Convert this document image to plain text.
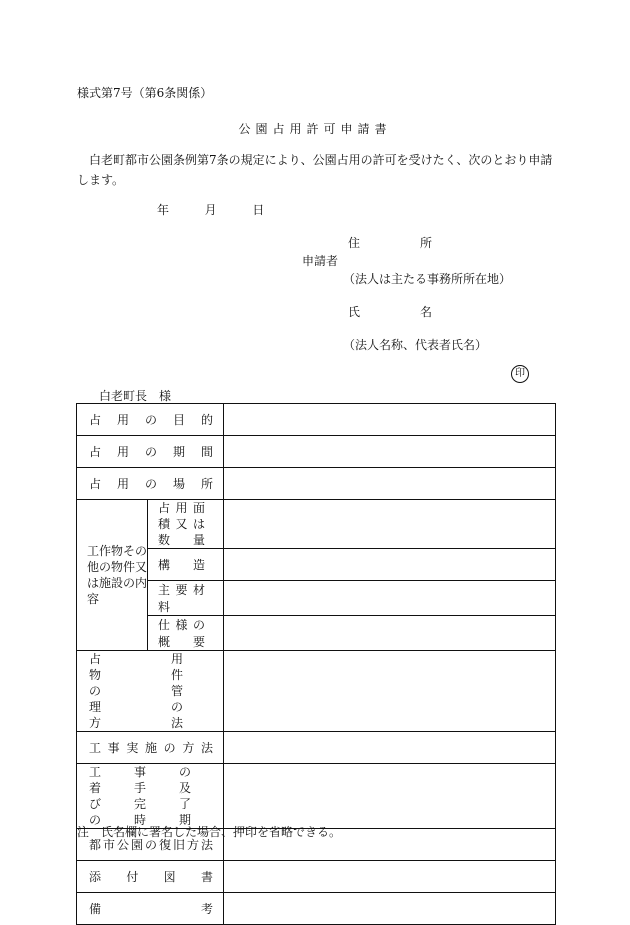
様式第7号（第6条関係）
公園占用許可申請書
白老町都市公園条例第7条の規定により、公園占用の許可を受けたく、次のとおり申請します。
年	月	日
住　　　　　所
申請者
（法人は主たる事務所所在地）
氏　　　　　名
（法人名称、代表者氏名）
印
白老町長　様
占用の目的		
占用の期間		
占用の場所		
工作物その他の物件又は施設の内容	占用面積又は数量	
	構造	
	主要材料	
	仕様の概要	
占用物件の管理の方法		
工事実施の方法		
工事の着手及び完了の時期		
都市公園の復旧方法		
添付図書		
備考		
注　氏名欄に署名した場合、押印を省略できる。
